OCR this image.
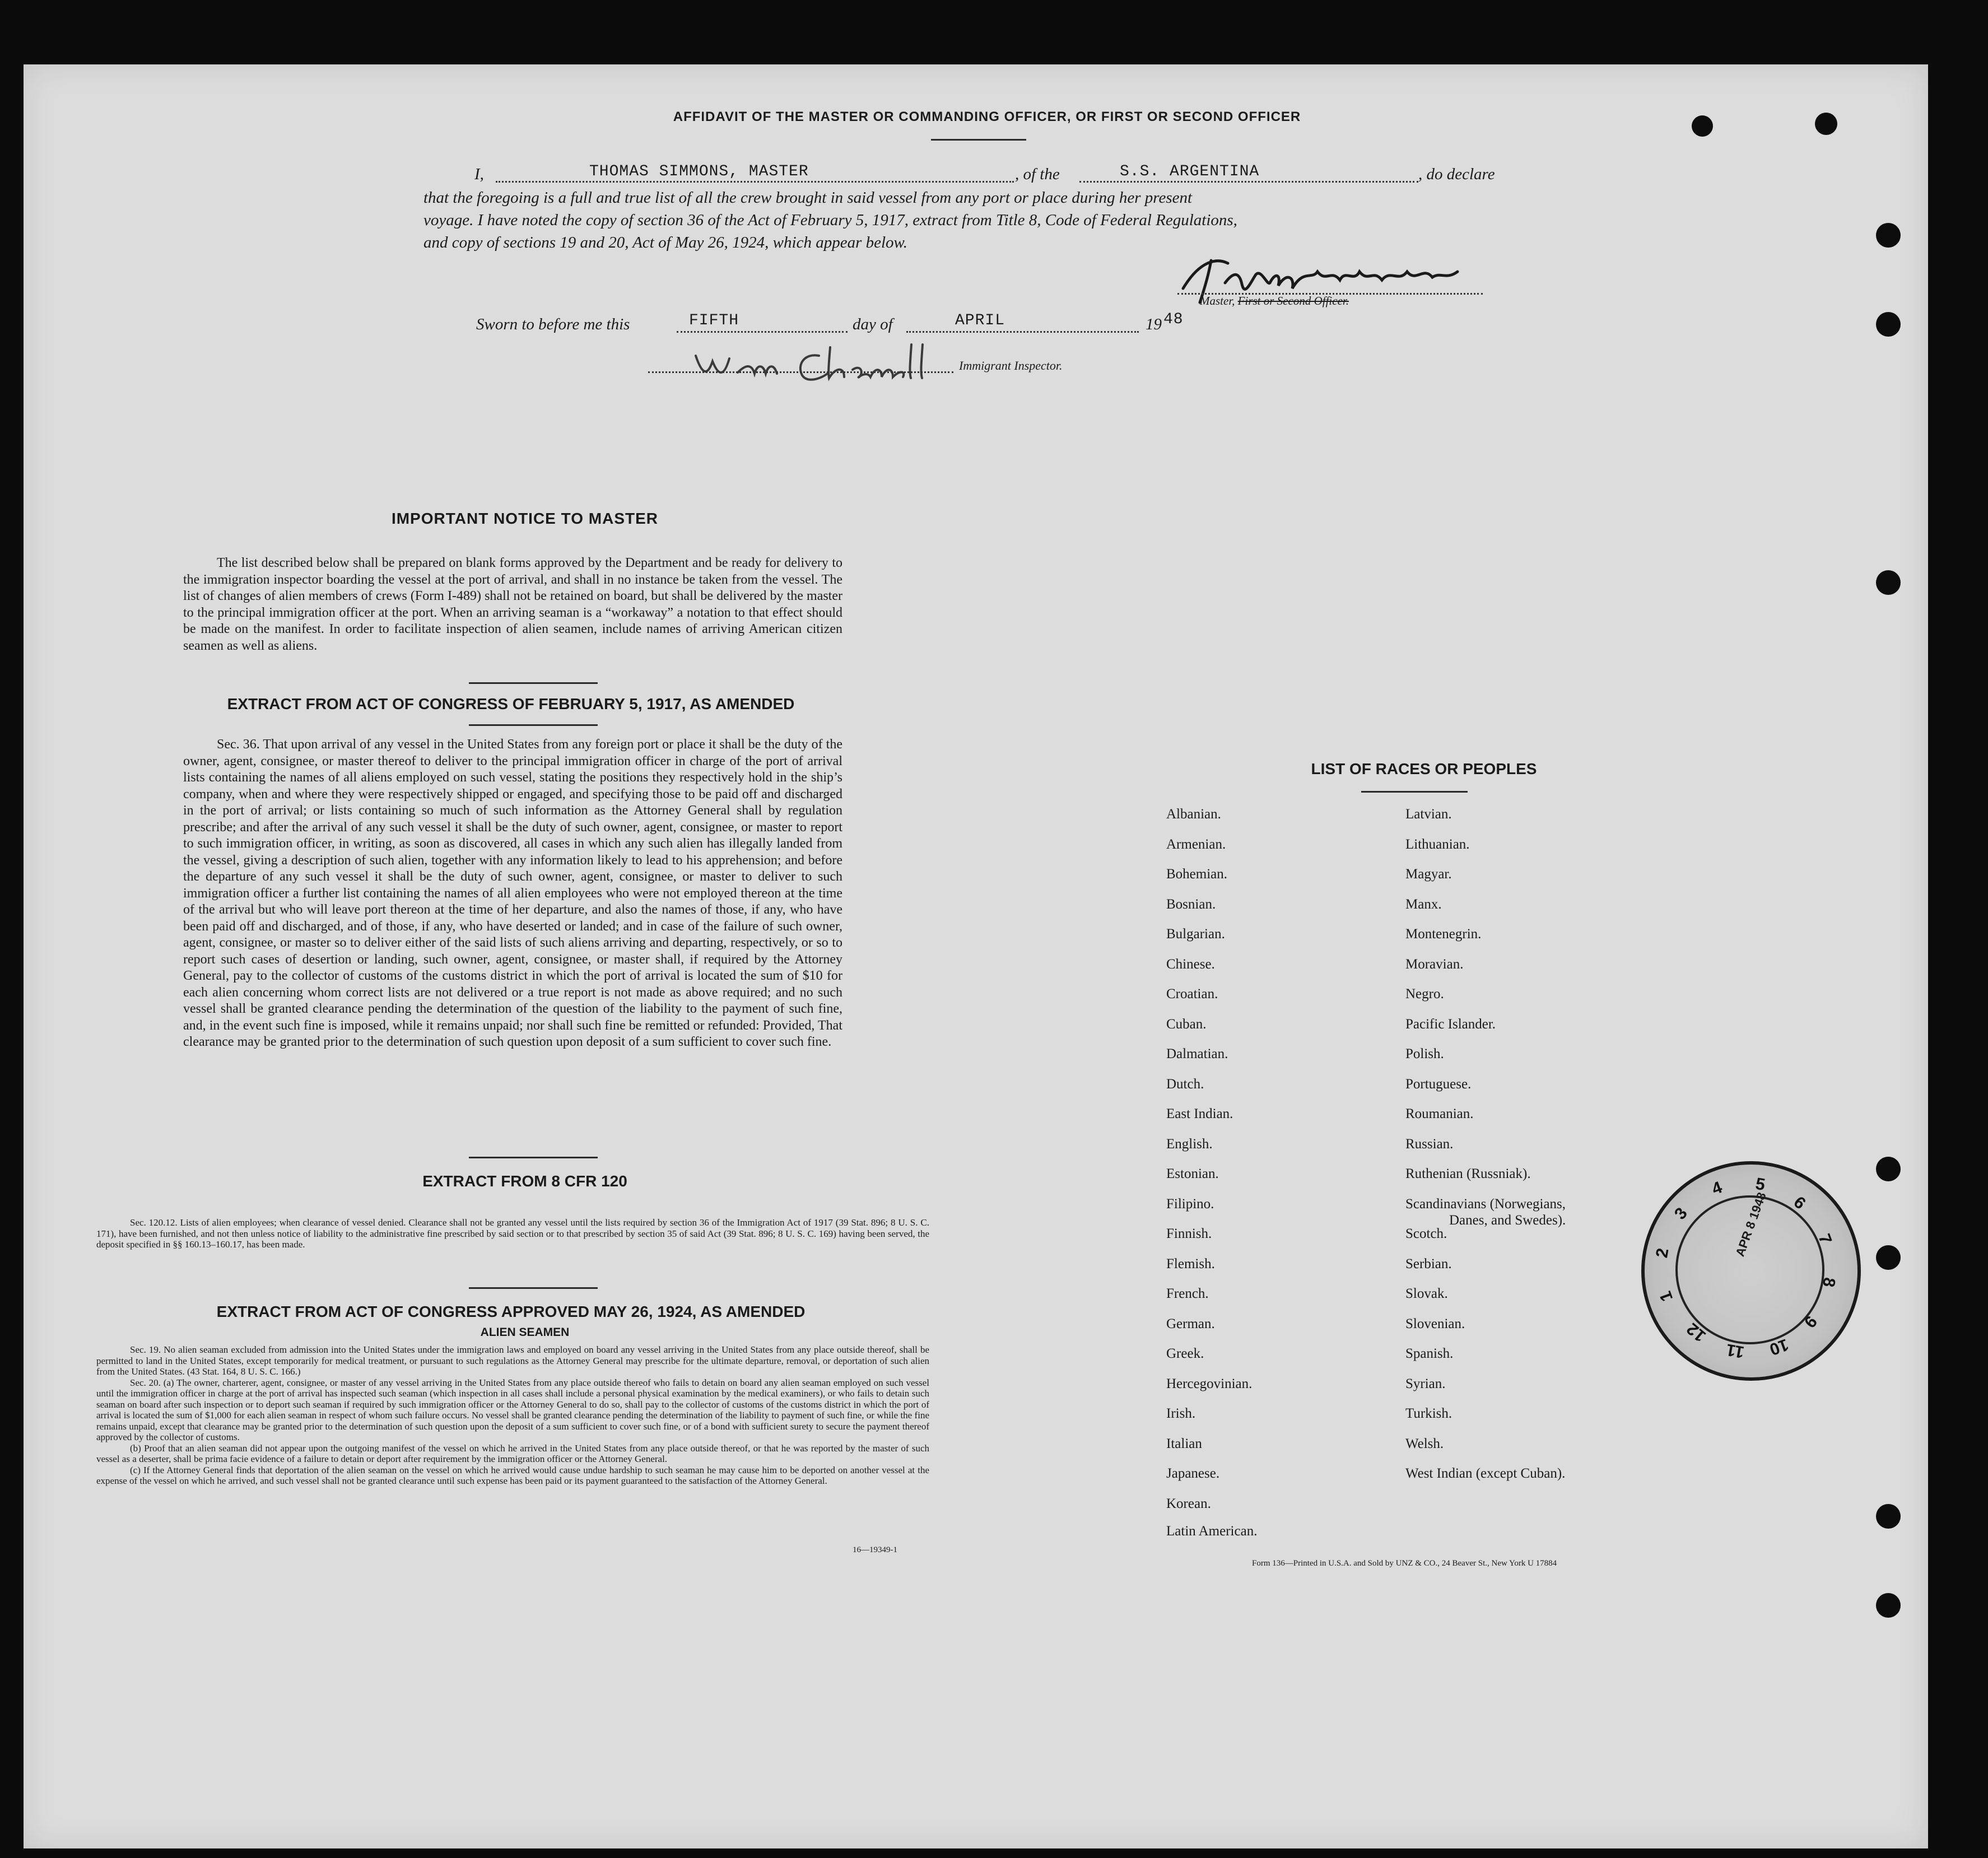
AFFIDAVIT OF THE MASTER OR COMMANDING OFFICER, OR FIRST OR SECOND OFFICER
I,	THOMAS SIMMONS, MASTER	, of the	S.S. ARGENTINA	, do declare
that the foregoing is a full and true list of all the crew brought in said vessel from any port or place during her present
voyage. I have noted the copy of section 36 of the Act of February 5, 1917, extract from Title 8, Code of Federal Regulations,
and copy of sections 19 and 20, Act of May 26, 1924, which appear below.
Master, First or Second Officer.
Sworn to before me this	FIFTH	day of	APRIL	19 48
Immigrant Inspector.
IMPORTANT NOTICE TO MASTER

The list described below shall be prepared on blank forms approved by the Department and be ready for delivery to the immigration inspector boarding the vessel at the port of arrival, and shall in no instance be taken from the vessel. The list of changes of alien members of crews (Form I-489) shall not be retained on board, but shall be delivered by the master to the principal immigration officer at the port. When an arriving seaman is a “workaway” a notation to that effect should be made on the manifest. In order to facilitate inspection of alien seamen, include names of arriving American citizen seamen as well as aliens.

EXTRACT FROM ACT OF CONGRESS OF FEBRUARY 5, 1917, AS AMENDED

Sec. 36. That upon arrival of any vessel in the United States from any foreign port or place it shall be the duty of the owner, agent, consignee, or master thereof to deliver to the principal immigration officer in charge of the port of arrival lists containing the names of all aliens employed on such vessel, stating the positions they respectively hold in the ship’s company, when and where they were respectively shipped or engaged, and specifying those to be paid off and discharged in the port of arrival; or lists containing so much of such information as the Attorney General shall by regulation prescribe; and after the arrival of any such vessel it shall be the duty of such owner, agent, consignee, or master to report to such immigration officer, in writing, as soon as discovered, all cases in which any such alien has illegally landed from the vessel, giving a description of such alien, together with any information likely to lead to his apprehension; and before the departure of any such vessel it shall be the duty of such owner, agent, consignee, or master to deliver to such immigration officer a further list containing the names of all alien employees who were not employed thereon at the time of the arrival but who will leave port thereon at the time of her departure, and also the names of those, if any, who have been paid off and discharged, and of those, if any, who have deserted or landed; and in case of the failure of such owner, agent, consignee, or master so to deliver either of the said lists of such aliens arriving and departing, respectively, or so to report such cases of desertion or landing, such owner, agent, consignee, or master shall, if required by the Attorney General, pay to the collector of customs of the customs district in which the port of arrival is located the sum of $10 for each alien concerning whom correct lists are not delivered or a true report is not made as above required; and no such vessel shall be granted clearance pending the determination of the question of the liability to the payment of such fine, and, in the event such fine is imposed, while it remains unpaid; nor shall such fine be remitted or refunded: Provided, That clearance may be granted prior to the determination of such question upon deposit of a sum sufficient to cover such fine.

EXTRACT FROM 8 CFR 120

Sec. 120.12. Lists of alien employees; when clearance of vessel denied. Clearance shall not be granted any vessel until the lists required by section 36 of the Immigration Act of 1917 (39 Stat. 896; 8 U. S. C. 171), have been furnished, and not then unless notice of liability to the administrative fine prescribed by said section or to that prescribed by section 35 of said Act (39 Stat. 896; 8 U. S. C. 169) having been served, the deposit specified in §§ 160.13–160.17, has been made.

EXTRACT FROM ACT OF CONGRESS APPROVED MAY 26, 1924, AS AMENDED
ALIEN SEAMEN

Sec. 19. No alien seaman excluded from admission into the United States under the immigration laws and employed on board any vessel arriving in the United States from any place outside thereof, shall be permitted to land in the United States, except temporarily for medical treatment, or pursuant to such regulations as the Attorney General may prescribe for the ultimate departure, removal, or deportation of such alien from the United States. (43 Stat. 164, 8 U. S. C. 166.)

Sec. 20. (a) The owner, charterer, agent, consignee, or master of any vessel arriving in the United States from any place outside thereof who fails to detain on board any alien seaman employed on such vessel until the immigration officer in charge at the port of arrival has inspected such seaman (which inspection in all cases shall include a personal physical examination by the medical examiners), or who fails to detain such seaman on board after such inspection or to deport such seaman if required by such immigration officer or the Attorney General to do so, shall pay to the collector of customs of the customs district in which the port of arrival is located the sum of $1,000 for each alien seaman in respect of whom such failure occurs. No vessel shall be granted clearance pending the determination of the liability to payment of such fine, or while the fine remains unpaid, except that clearance may be granted prior to the determination of such question upon the deposit of a sum sufficient to cover such fine, or of a bond with sufficient surety to secure the payment thereof approved by the collector of customs.

(b) Proof that an alien seaman did not appear upon the outgoing manifest of the vessel on which he arrived in the United States from any place outside thereof, or that he was reported by the master of such vessel as a deserter, shall be prima facie evidence of a failure to detain or deport after requirement by the immigration officer or the Attorney General.

(c) If the Attorney General finds that deportation of the alien seaman on the vessel on which he arrived would cause undue hardship to such seaman he may cause him to be deported on another vessel at the expense of the vessel on which he arrived, and such vessel shall not be granted clearance until such expense has been paid or its payment guaranteed to the satisfaction of the Attorney General.

16—19349-1
LIST OF RACES OR PEOPLES
Albanian.
Armenian.
Bohemian.
Bosnian.
Bulgarian.
Chinese.
Croatian.
Cuban.
Dalmatian.
Dutch.
East Indian.
English.
Estonian.
Filipino.
Finnish.
Flemish.
French.
German.
Greek.
Hercegovinian.
Irish.
Italian
Japanese.
Korean.
Latin American.
Latvian.
Lithuanian.
Magyar.
Manx.
Montenegrin.
Moravian.
Negro.
Pacific Islander.
Polish.
Portuguese.
Roumanian.
Russian.
Ruthenian (Russniak).
Scandinavians (Norwegians,
Danes, and Swedes).
Scotch.
Serbian.
Slovak.
Slovenian.
Spanish.
Syrian.
Turkish.
Welsh.
West Indian (except Cuban).
Form 136—Printed in U.S.A. and Sold by UNZ & CO., 24 Beaver St., New York U 17884
5
6
7
8
9
10
11
12
1
2
3
4
APR 8 1948
